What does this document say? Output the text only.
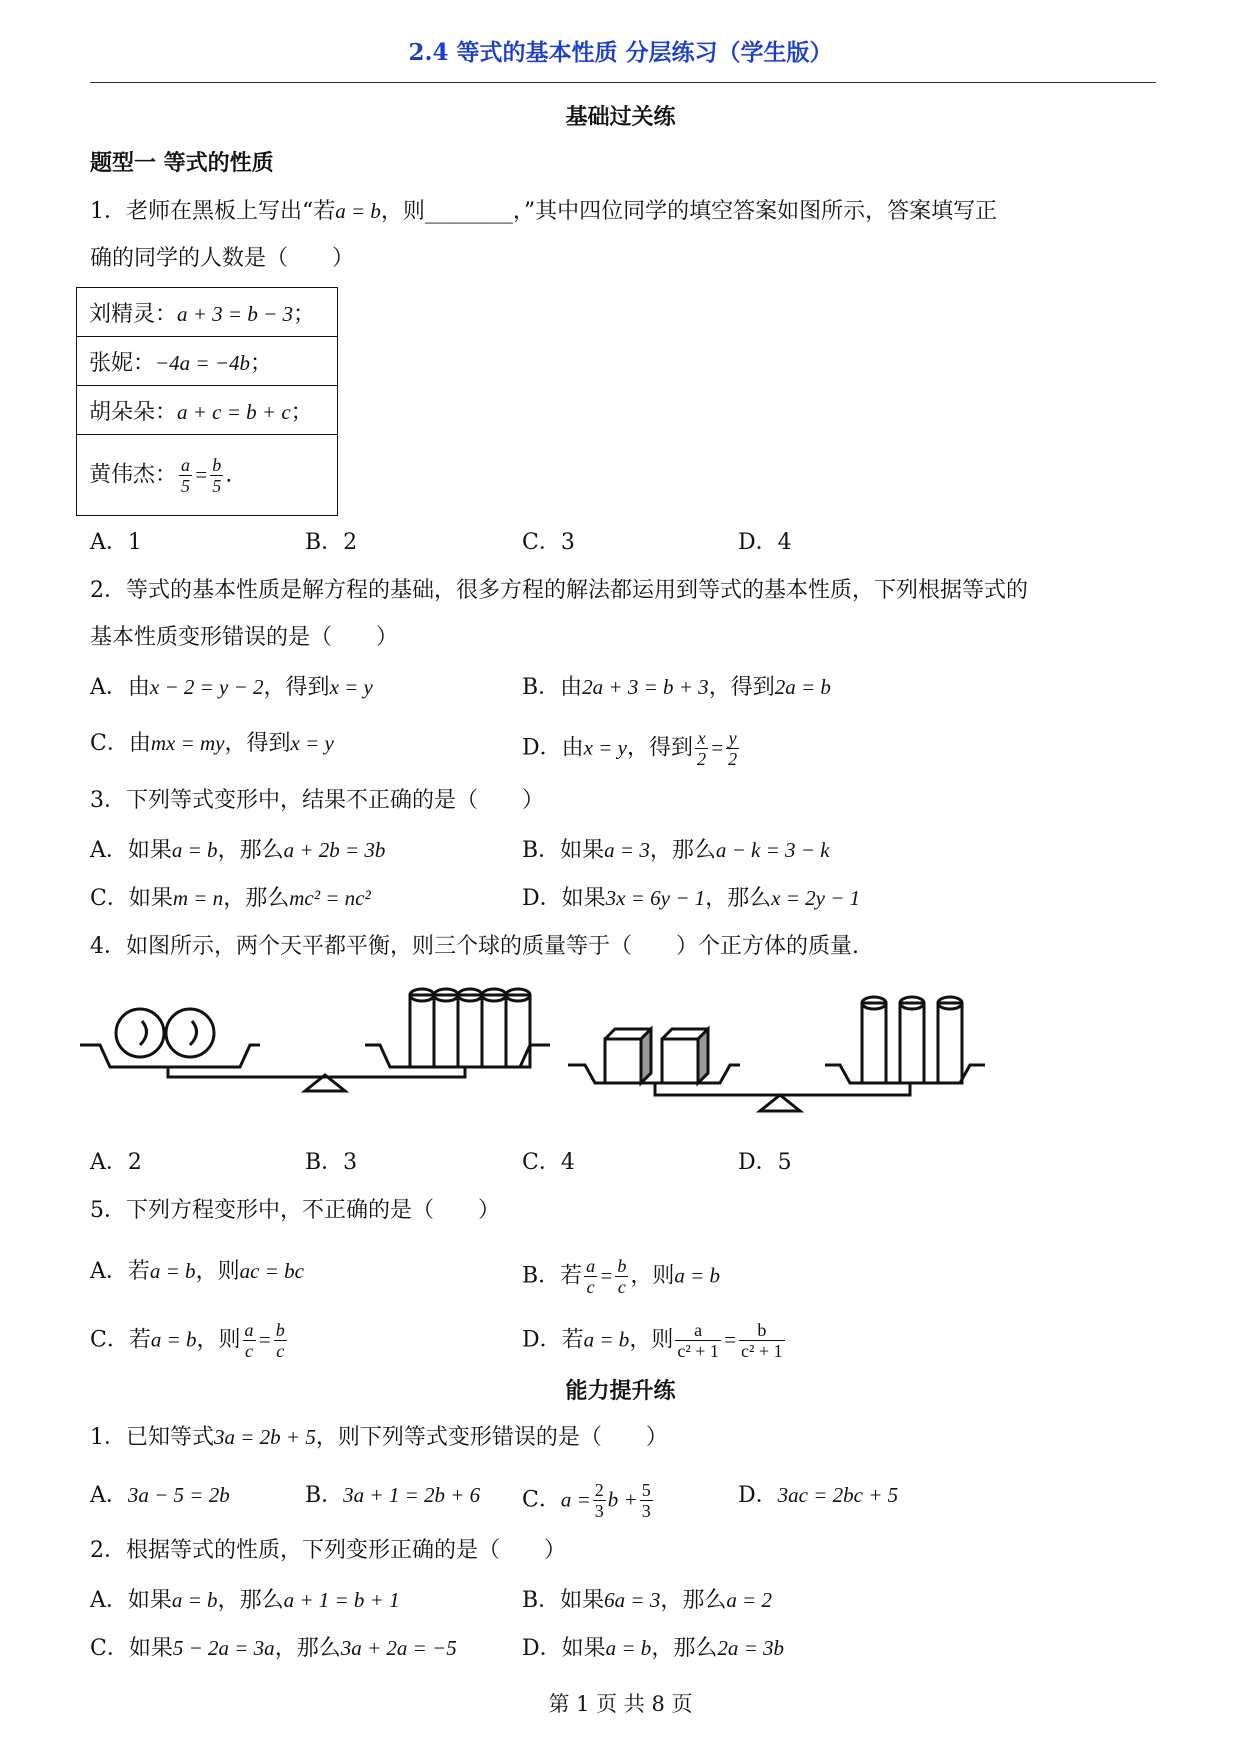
2.4 等式的基本性质 分层练习（学生版）
基础过关练
题型一 等式的性质
1．老师在黑板上写出“若a = b，则________，”其中四位同学的填空答案如图所示，答案填写正
确的同学的人数是（　　）
刘精灵：a + 3 = b − 3；
张妮：−4a = −4b；
胡朵朵：a + c = b + c；
黄伟杰： $\frac{a}{5} = \frac{b}{5}$ .
A．1	B．2	C．3	D．4
2．等式的基本性质是解方程的基础，很多方程的解法都运用到等式的基本性质，下列根据等式的
基本性质变形错误的是（　　）
A．由x − 2 = y − 2，得到x = y	B．由2a + 3 = b + 3，得到2a = b
C．由mx = my，得到x = y	D．由x = y，得到 $\frac{x}{2} = \frac{y}{2}$
3．下列等式变形中，结果不正确的是（　　）
A．如果a = b，那么a + 2b = 3b	B．如果a = 3，那么a − k = 3 − k
C．如果m = n，那么mc² = nc²	D．如果3x = 6y − 1，那么x = 2y − 1
4．如图所示，两个天平都平衡，则三个球的质量等于（　　）个正方体的质量.
A．2	B．3	C．4	D．5
5．下列方程变形中，不正确的是（　　）
A．若a = b，则ac = bc	B．若 $\frac{a}{c} = \frac{b}{c}$ ，则a = b
C．若a = b，则 $\frac{a}{c} = \frac{b}{c}$	D．若a = b，则 $\frac{a}{\text{c² + 1}} = \frac{b}{\text{c² + 1}}$
能力提升练
1．已知等式3a = 2b + 5，则下列等式变形错误的是（　　）
A．3a − 5 = 2b	B．3a + 1 = 2b + 6 C．$a = \frac{2}{3}$ $b + \frac{5}{3}$	D．3ac = 2bc + 5
2．根据等式的性质，下列变形正确的是（　　）
A．如果a = b，那么a + 1 = b + 1	B．如果6a = 3，那么a = 2
C．如果5 − 2a = 3a，那么3a + 2a = −5	D．如果a = b，那么2a = 3b
第 1 页 共 8 页
